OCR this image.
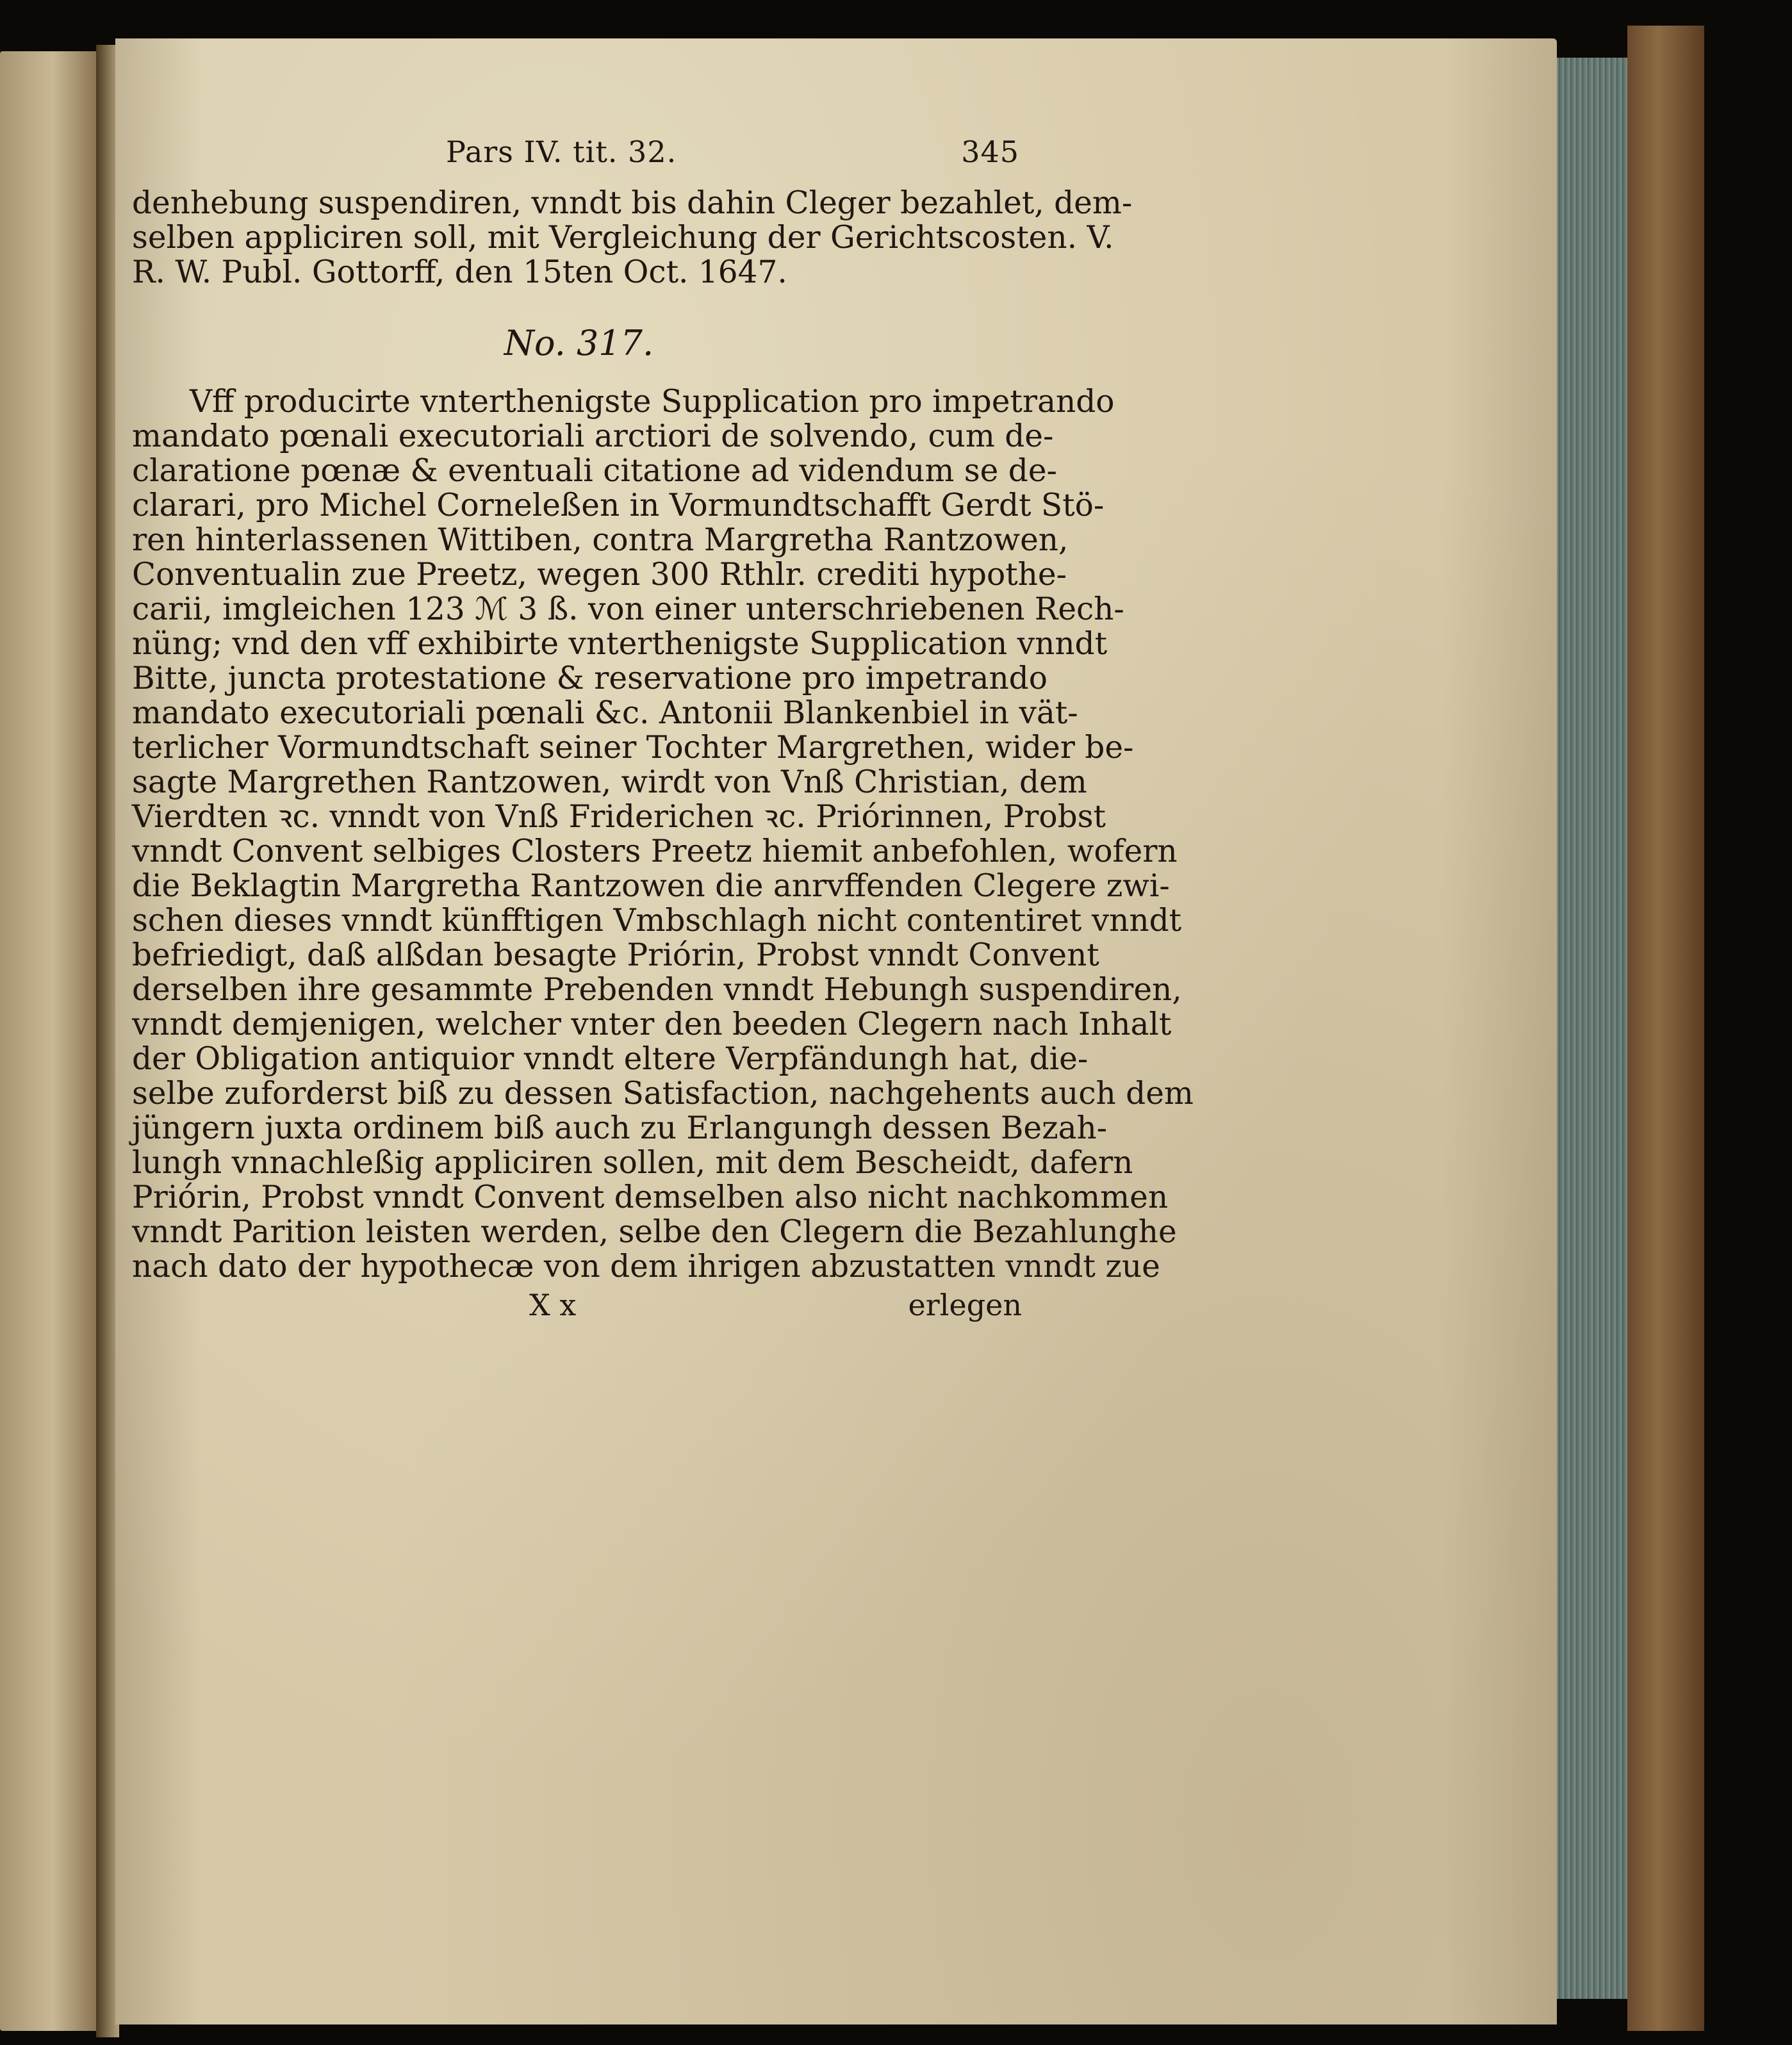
Pars IV. tit. 32.	345
denhebung suspendiren, vnndt bis dahin Cleger bezahlet, dem-
selben appliciren soll, mit Vergleichung der Gerichtscosten. V.
R. W. Publ. Gottorff, den 15ten Oct. 1647.
No. 317.
Vff producirte vnterthenigste Supplication pro impetrando
mandato pœnali executoriali arctiori de solvendo, cum de-
claratione pœnæ & eventuali citatione ad videndum se de-
clarari, pro Michel Corneleßen in Vormundtschafft Gerdt Stö-
ren hinterlassenen Wittiben, contra Margretha Rantzowen,
Conventualin zue Preetz, wegen 300 Rthlr. crediti hypothe-
carii, imgleichen 123 ℳ 3 ß. von einer unterschriebenen Rech-
nüng; vnd den vff exhibirte vnterthenigste Supplication vnndt
Bitte, juncta protestatione & reservatione pro impetrando
mandato executoriali pœnali &c. Antonii Blankenbiel in vät-
terlicher Vormundtschaft seiner Tochter Margrethen, wider be-
sagte Margrethen Rantzowen, wirdt von Vnß Christian, dem
Vierdten ꝛc. vnndt von Vnß Friderichen ꝛc. Priórinnen, Probst
vnndt Convent selbiges Closters Preetz hiemit anbefohlen, wofern
die Beklagtin Margretha Rantzowen die anrvffenden Clegere zwi-
schen dieses vnndt künfftigen Vmbschlagh nicht contentiret vnndt
befriedigt, daß alßdan besagte Priórin, Probst vnndt Convent
derselben ihre gesammte Prebenden vnndt Hebungh suspendiren,
vnndt demjenigen, welcher vnter den beeden Clegern nach Inhalt
der Obligation antiquior vnndt eltere Verpfändungh hat, die-
selbe zuforderst biß zu dessen Satisfaction, nachgehents auch dem
jüngern juxta ordinem biß auch zu Erlangungh dessen Bezah-
lungh vnnachleßig appliciren sollen, mit dem Bescheidt, dafern
Priórin, Probst vnndt Convent demselben also nicht nachkommen
vnndt Parition leisten werden, selbe den Clegern die Bezahlunghe
nach dato der hypothecæ von dem ihrigen abzustatten vnndt zue
X x	erlegen
